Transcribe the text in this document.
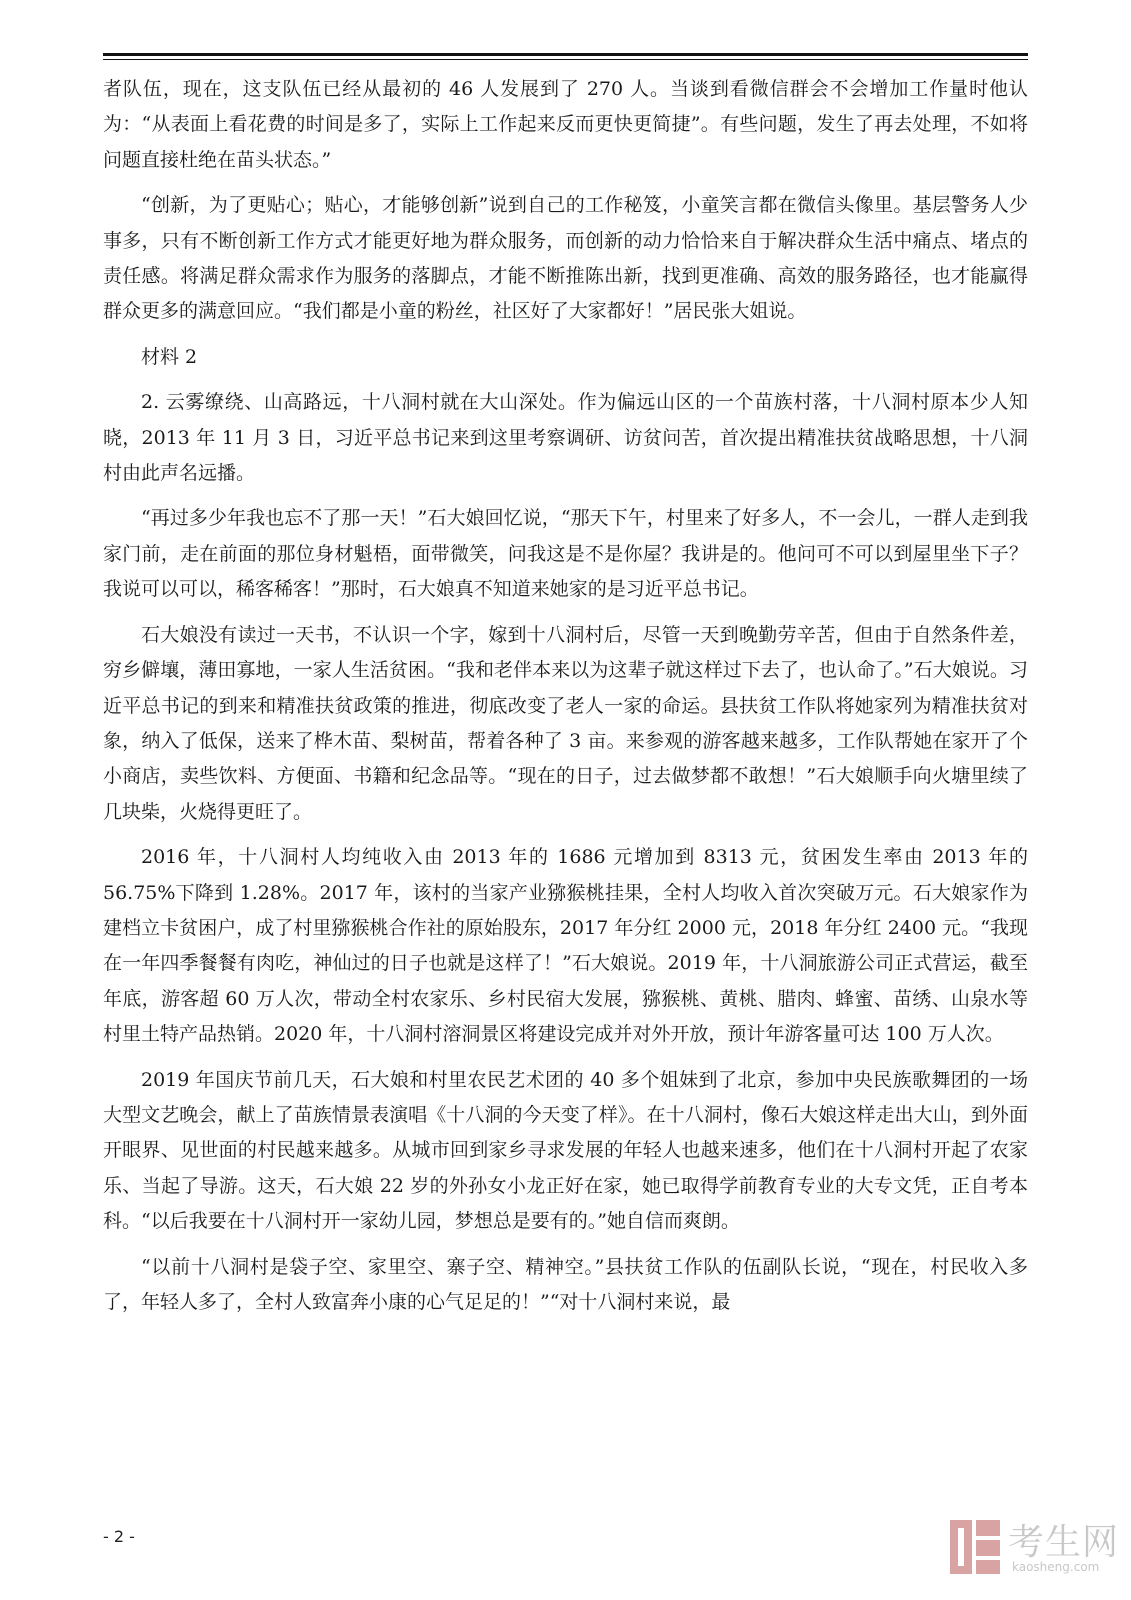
者队伍，现在，这支队伍已经从最初的 46 人发展到了 270 人。当谈到看微信群会不会增加工作量时他认为：“从表面上看花费的时间是多了，实际上工作起来反而更快更简捷”。有些问题，发生了再去处理，不如将问题直接杜绝在苗头状态。”

“创新，为了更贴心；贴心，才能够创新”说到自己的工作秘笈，小童笑言都在微信头像里。基层警务人少事多，只有不断创新工作方式才能更好地为群众服务，而创新的动力恰恰来自于解决群众生活中痛点、堵点的责任感。将满足群众需求作为服务的落脚点，才能不断推陈出新，找到更准确、高效的服务路径，也才能赢得群众更多的满意回应。“我们都是小童的粉丝，社区好了大家都好！”居民张大姐说。

材料 2

2. 云雾缭绕、山高路远，十八洞村就在大山深处。作为偏远山区的一个苗族村落，十八洞村原本少人知晓，2013 年 11 月 3 日，习近平总书记来到这里考察调研、访贫问苦，首次提出精准扶贫战略思想，十八洞村由此声名远播。

“再过多少年我也忘不了那一天！”石大娘回忆说，“那天下午，村里来了好多人，不一会儿，一群人走到我家门前，走在前面的那位身材魁梧，面带微笑，问我这是不是你屋？我讲是的。他问可不可以到屋里坐下子？我说可以可以，稀客稀客！”那时，石大娘真不知道来她家的是习近平总书记。

石大娘没有读过一天书，不认识一个字，嫁到十八洞村后，尽管一天到晚勤劳辛苦，但由于自然条件差，穷乡僻壤，薄田寡地，一家人生活贫困。“我和老伴本来以为这辈子就这样过下去了，也认命了。”石大娘说。习近平总书记的到来和精准扶贫政策的推进，彻底改变了老人一家的命运。县扶贫工作队将她家列为精准扶贫对象，纳入了低保，送来了桦木苗、梨树苗，帮着各种了 3 亩。来参观的游客越来越多，工作队帮她在家开了个小商店，卖些饮料、方便面、书籍和纪念品等。“现在的日子，过去做梦都不敢想！”石大娘顺手向火塘里续了几块柴，火烧得更旺了。

2016 年，十八洞村人均纯收入由 2013 年的 1686 元增加到 8313 元，贫困发生率由 2013 年的 56.75%下降到 1.28%。2017 年，该村的当家产业猕猴桃挂果，全村人均收入首次突破万元。石大娘家作为建档立卡贫困户，成了村里猕猴桃合作社的原始股东，2017 年分红 2000 元，2018 年分红 2400 元。“我现在一年四季餐餐有肉吃，神仙过的日子也就是这样了！”石大娘说。2019 年，十八洞旅游公司正式营运，截至年底，游客超 60 万人次，带动全村农家乐、乡村民宿大发展，猕猴桃、黄桃、腊肉、蜂蜜、苗绣、山泉水等村里土特产品热销。2020 年，十八洞村溶洞景区将建设完成并对外开放，预计年游客量可达 100 万人次。

2019 年国庆节前几天，石大娘和村里农民艺术团的 40 多个姐妹到了北京，参加中央民族歌舞团的一场大型文艺晚会，献上了苗族情景表演唱《十八洞的今天变了样》。在十八洞村，像石大娘这样走出大山，到外面开眼界、见世面的村民越来越多。从城市回到家乡寻求发展的年轻人也越来速多，他们在十八洞村开起了农家乐、当起了导游。这天，石大娘 22 岁的外孙女小龙正好在家，她已取得学前教育专业的大专文凭，正自考本科。“以后我要在十八洞村开一家幼儿园，梦想总是要有的。”她自信而爽朗。

“以前十八洞村是袋子空、家里空、寨子空、精神空。”县扶贫工作队的伍副队长说，“现在，村民收入多了，年轻人多了，全村人致富奔小康的心气足足的！”“对十八洞村来说，最

- 2 -	考生网
kaosheng.com
